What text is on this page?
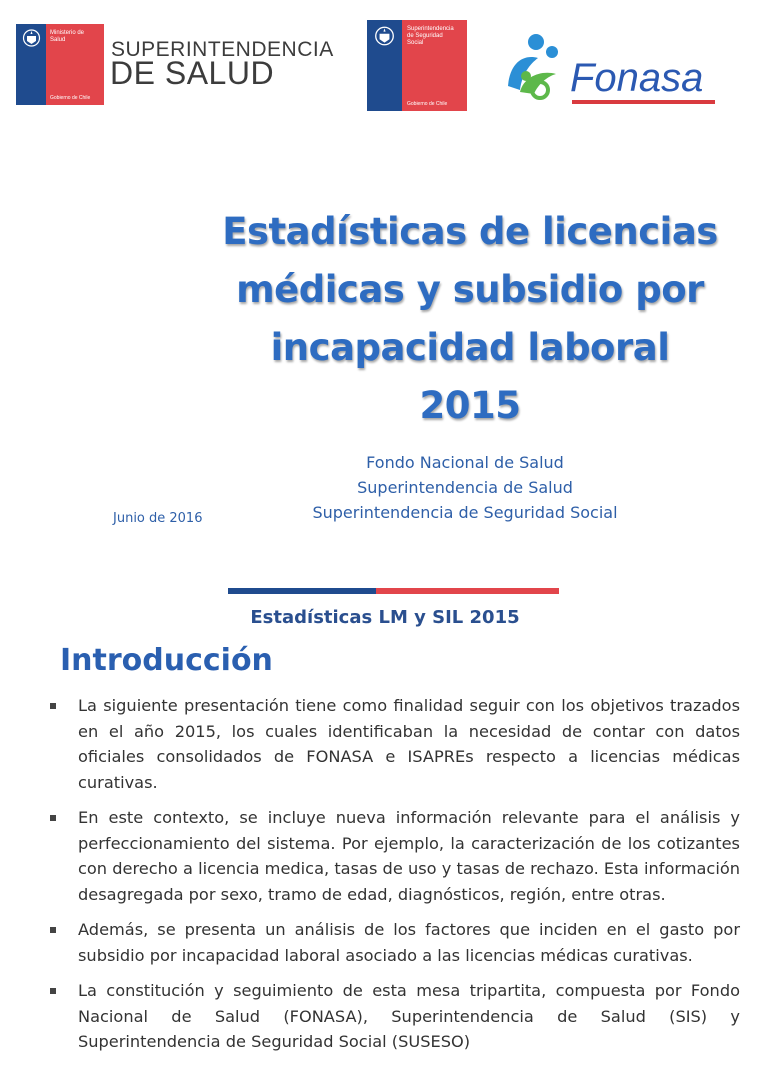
Ministerio de
Salud
Gobierno de Chile
SUPERINTENDENCIA
DE SALUD
Superintendencia
de Seguridad
Social
Gobierno de Chile
Fonasa
Estadísticas de licencias
médicas y subsidio por
incapacidad laboral
2015
Fondo Nacional de Salud
Superintendencia de Salud
Superintendencia de Seguridad Social
Junio de 2016
Estadísticas LM y SIL 2015
Introducción
La siguiente presentación tiene como finalidad seguir con los objetivos trazados en el año 2015, los cuales identificaban la necesidad de contar con datos oficiales consolidados de FONASA e ISAPREs respecto a licencias médicas curativas.
En este contexto, se incluye nueva información relevante para el análisis y perfeccionamiento del sistema. Por ejemplo, la caracterización de los cotizantes con derecho a licencia medica, tasas de uso y tasas de rechazo. Esta información desagregada por sexo, tramo de edad, diagnósticos, región, entre otras.
Además, se presenta un análisis de los factores que inciden en el gasto por subsidio por incapacidad laboral asociado a las licencias médicas curativas.
La constitución y seguimiento de esta mesa tripartita, compuesta por Fondo Nacional de Salud (FONASA), Superintendencia de Salud (SIS) y Superintendencia de Seguridad Social (SUSESO)
